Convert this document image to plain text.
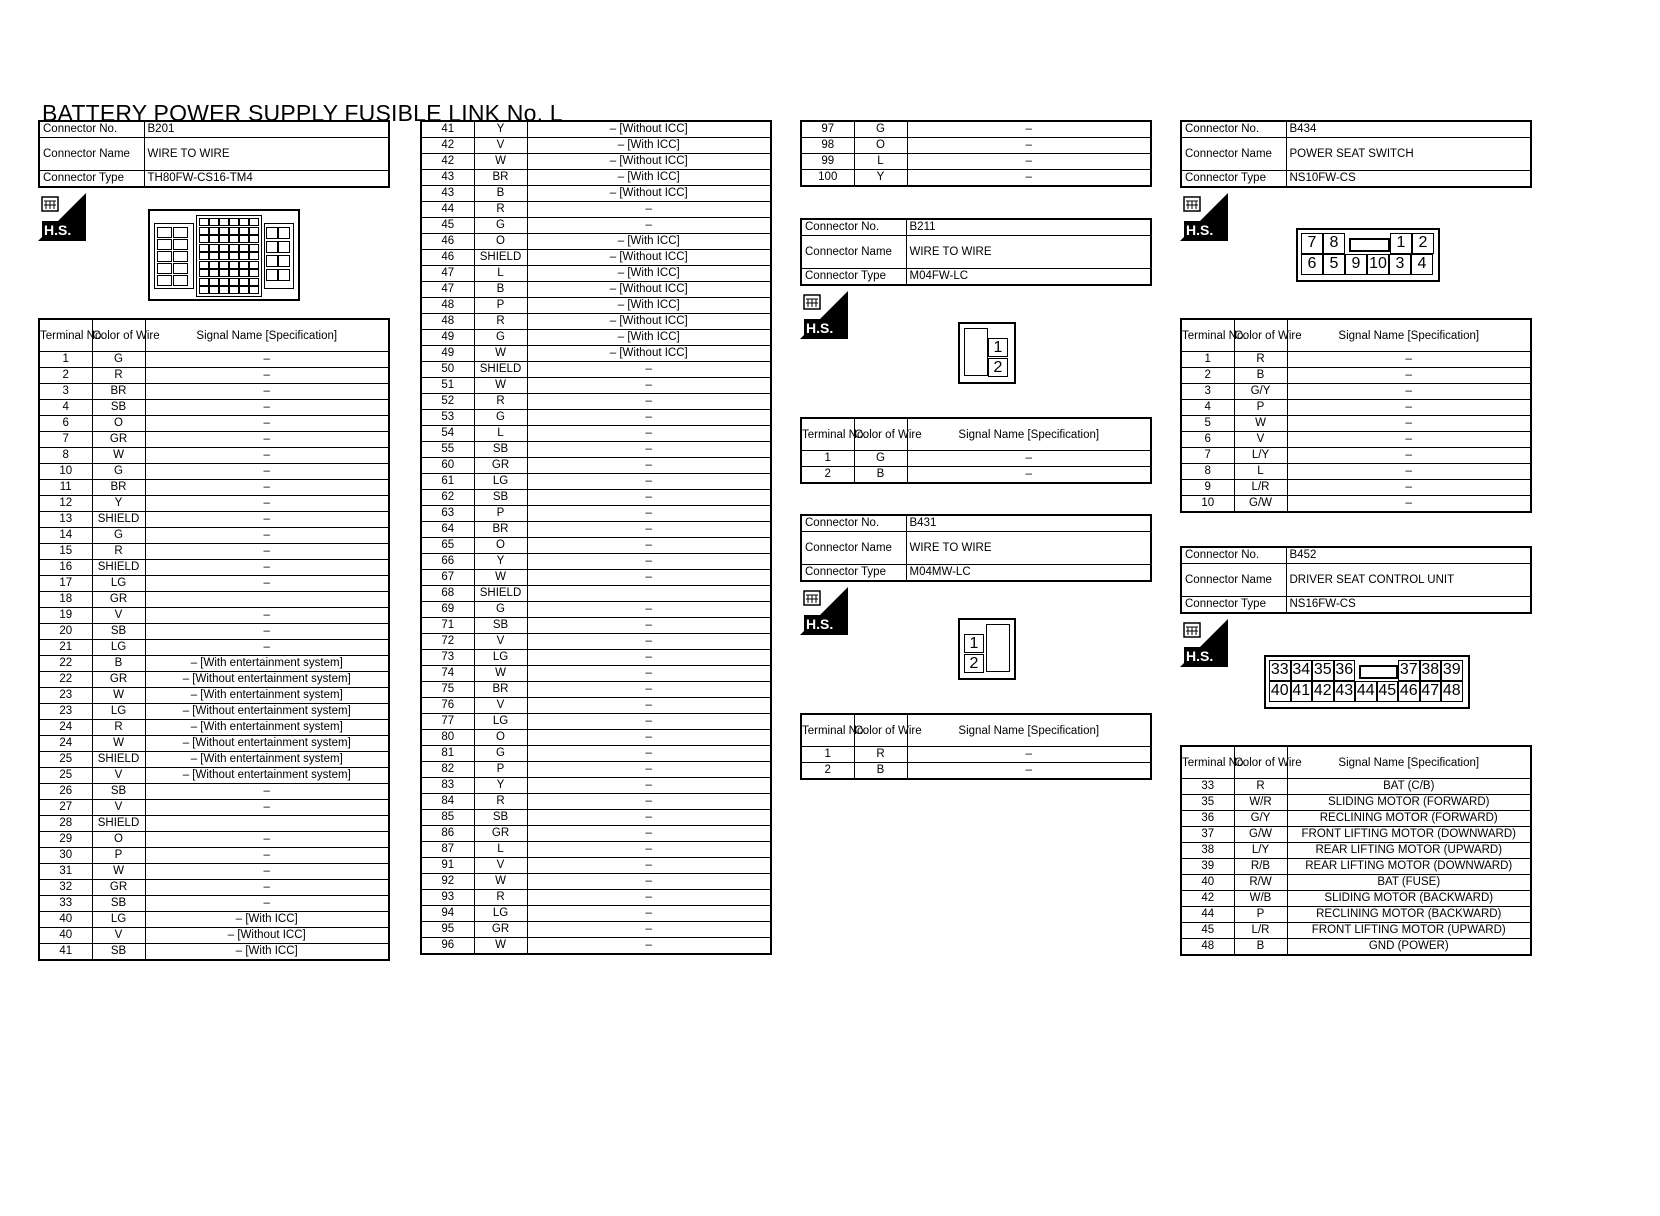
BATTERY POWER SUPPLY FUSIBLE LINK No. L
Connector No.	B201
Connector Name	WIRE TO WIRE
Connector Type	TH80FW-CS16-TM4
H.S.
Terminal No.	Color of Wire	Signal Name [Specification]
1	G	–
2	R	–
3	BR	–
4	SB	–
6	O	–
7	GR	–
8	W	–
10	G	–
11	BR	–
12	Y	–
13	SHIELD	–
14	G	–
15	R	–
16	SHIELD	–
17	LG	–
18	GR	
19	V	–
20	SB	–
21	LG	–
22	B	– [With entertainment system]
22	GR	– [Without entertainment system]
23	W	– [With entertainment system]
23	LG	– [Without entertainment system]
24	R	– [With entertainment system]
24	W	– [Without entertainment system]
25	SHIELD	– [With entertainment system]
25	V	– [Without entertainment system]
26	SB	–
27	V	–
28	SHIELD	
29	O	–
30	P	–
31	W	–
32	GR	–
33	SB	–
40	LG	– [With ICC]
40	V	– [Without ICC]
41	SB	– [With ICC]
41	Y	– [Without ICC]
42	V	– [With ICC]
42	W	– [Without ICC]
43	BR	– [With ICC]
43	B	– [Without ICC]
44	R	–
45	G	–
46	O	– [With ICC]
46	SHIELD	– [Without ICC]
47	L	– [With ICC]
47	B	– [Without ICC]
48	P	– [With ICC]
48	R	– [Without ICC]
49	G	– [With ICC]
49	W	– [Without ICC]
50	SHIELD	–
51	W	–
52	R	–
53	G	–
54	L	–
55	SB	–
60	GR	–
61	LG	–
62	SB	–
63	P	–
64	BR	–
65	O	–
66	Y	–
67	W	–
68	SHIELD	
69	G	–
71	SB	–
72	V	–
73	LG	–
74	W	–
75	BR	–
76	V	–
77	LG	–
80	O	–
81	G	–
82	P	–
83	Y	–
84	R	–
85	SB	–
86	GR	–
87	L	–
91	V	–
92	W	–
93	R	–
94	LG	–
95	GR	–
96	W	–
97	G	–
98	O	–
99	L	–
100	Y	–
Connector No.	B211
Connector Name	WIRE TO WIRE
Connector Type	M04FW-LC
H.S.
1
2
Terminal No.	Color of Wire	Signal Name [Specification]
1	G	–
2	B	–
Connector No.	B431
Connector Name	WIRE TO WIRE
Connector Type	M04MW-LC
H.S.
1
2
Terminal No.	Color of Wire	Signal Name [Specification]
1	R	–
2	B	–
Connector No.	B434
Connector Name	POWER SEAT SWITCH
Connector Type	NS10FW-CS
H.S.
7 8	1 2
6 5 9 10 3 4
Terminal No.	Color of Wire	Signal Name [Specification]
1	R	–
2	B	–
3	G/Y	–
4	P	–
5	W	–
6	V	–
7	L/Y	–
8	L	–
9	L/R	–
10	G/W	–
Connector No.	B452
Connector Name	DRIVER SEAT CONTROL UNIT
Connector Type	NS16FW-CS
H.S.
33 34 35 36	37 38 39
40 41 42 43 44 45 46 47 48
Terminal No.	Color of Wire	Signal Name [Specification]
33	R	BAT (C/B)
35	W/R	SLIDING MOTOR (FORWARD)
36	G/Y	RECLINING MOTOR (FORWARD)
37	G/W	FRONT LIFTING MOTOR (DOWNWARD)
38	L/Y	REAR LIFTING MOTOR (UPWARD)
39	R/B	REAR LIFTING MOTOR (DOWNWARD)
40	R/W	BAT (FUSE)
42	W/B	SLIDING MOTOR (BACKWARD)
44	P	RECLINING MOTOR (BACKWARD)
45	L/R	FRONT LIFTING MOTOR (UPWARD)
48	B	GND (POWER)
